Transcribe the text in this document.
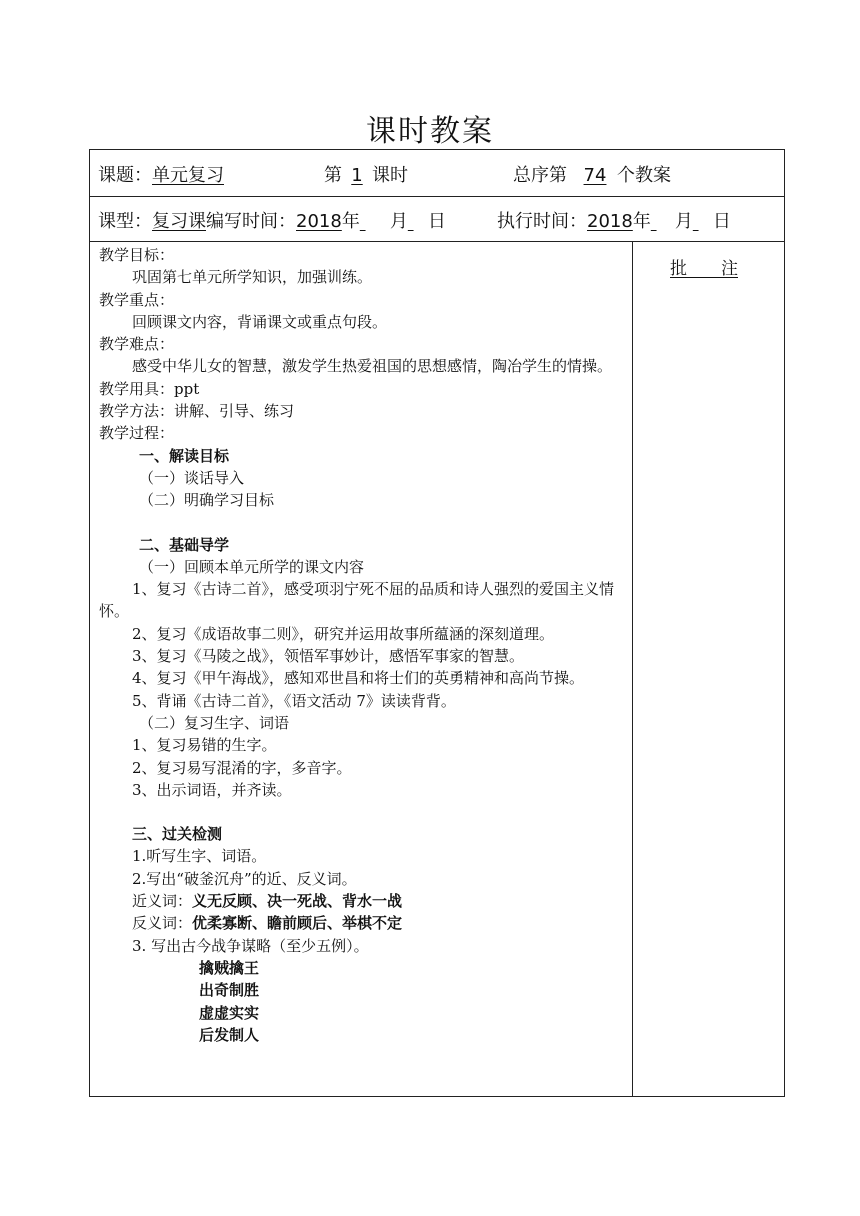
课时教案
课题：单元复习	第 1 课时	总序第 74 个教案
课型：复习课编写时间：2018年 月 日	执行时间：2018年 月 日
批　　注

教学目标：

巩固第七单元所学知识，加强训练。

教学重点：

回顾课文内容，背诵课文或重点句段。

教学难点：

感受中华儿女的智慧，激发学生热爱祖国的思想感情，陶冶学生的情操。

教学用具：ppt

教学方法：讲解、引导、练习

教学过程：

一、解读目标

（一）谈话导入

（二）明确学习目标

二、基础导学

（一）回顾本单元所学的课文内容

1、复习《古诗二首》，感受项羽宁死不屈的品质和诗人强烈的爱国主义情怀。

2、复习《成语故事二则》，研究并运用故事所蕴涵的深刻道理。

3、复习《马陵之战》，领悟军事妙计，感悟军事家的智慧。

4、复习《甲午海战》，感知邓世昌和将士们的英勇精神和高尚节操。

5、背诵《古诗二首》，《语文活动 7》读读背背。

（二）复习生字、词语

1、复习易错的生字。

2、复习易写混淆的字，多音字。

3、出示词语，并齐读。

三、过关检测

1.听写生字、词语。

2.写出“破釜沉舟”的近、反义词。

近义词：义无反顾、决一死战、背水一战

反义词：优柔寡断、瞻前顾后、举棋不定

3. 写出古今战争谋略（至少五例）。

擒贼擒王

出奇制胜

虚虚实实

后发制人
